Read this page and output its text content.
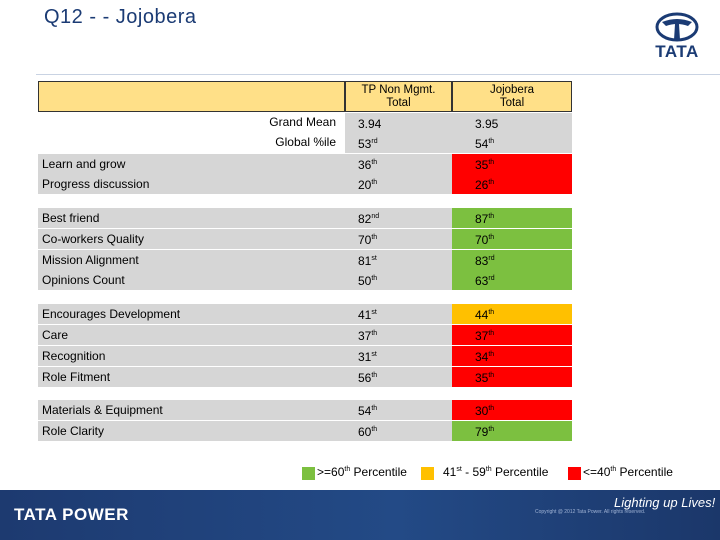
Q12 - - Jojobera
TATA
TP Non Mgmt.
Total
Jojobera
Total
Grand Mean 3.94	3.95
Global %ile 53rd	54th
Learn and grow	36th	35th
Progress discussion	20th	26th
Best friend	82nd	87th
Co-workers Quality	70th	70th
Mission Alignment	81st	83rd
Opinions Count	50th	63rd
Encourages Development	41st	44th
Care	37th	37th
Recognition	31st	34th
Role Fitment	56th	35th
Materials & Equipment	54th	30th
Role Clarity	60th	79th
>=60th Percentile	41st - 59th Percentile	<=40th Percentile
TATA POWER
Lighting up Lives!
Copyright @ 2012 Tata Power. All rights reserved.
